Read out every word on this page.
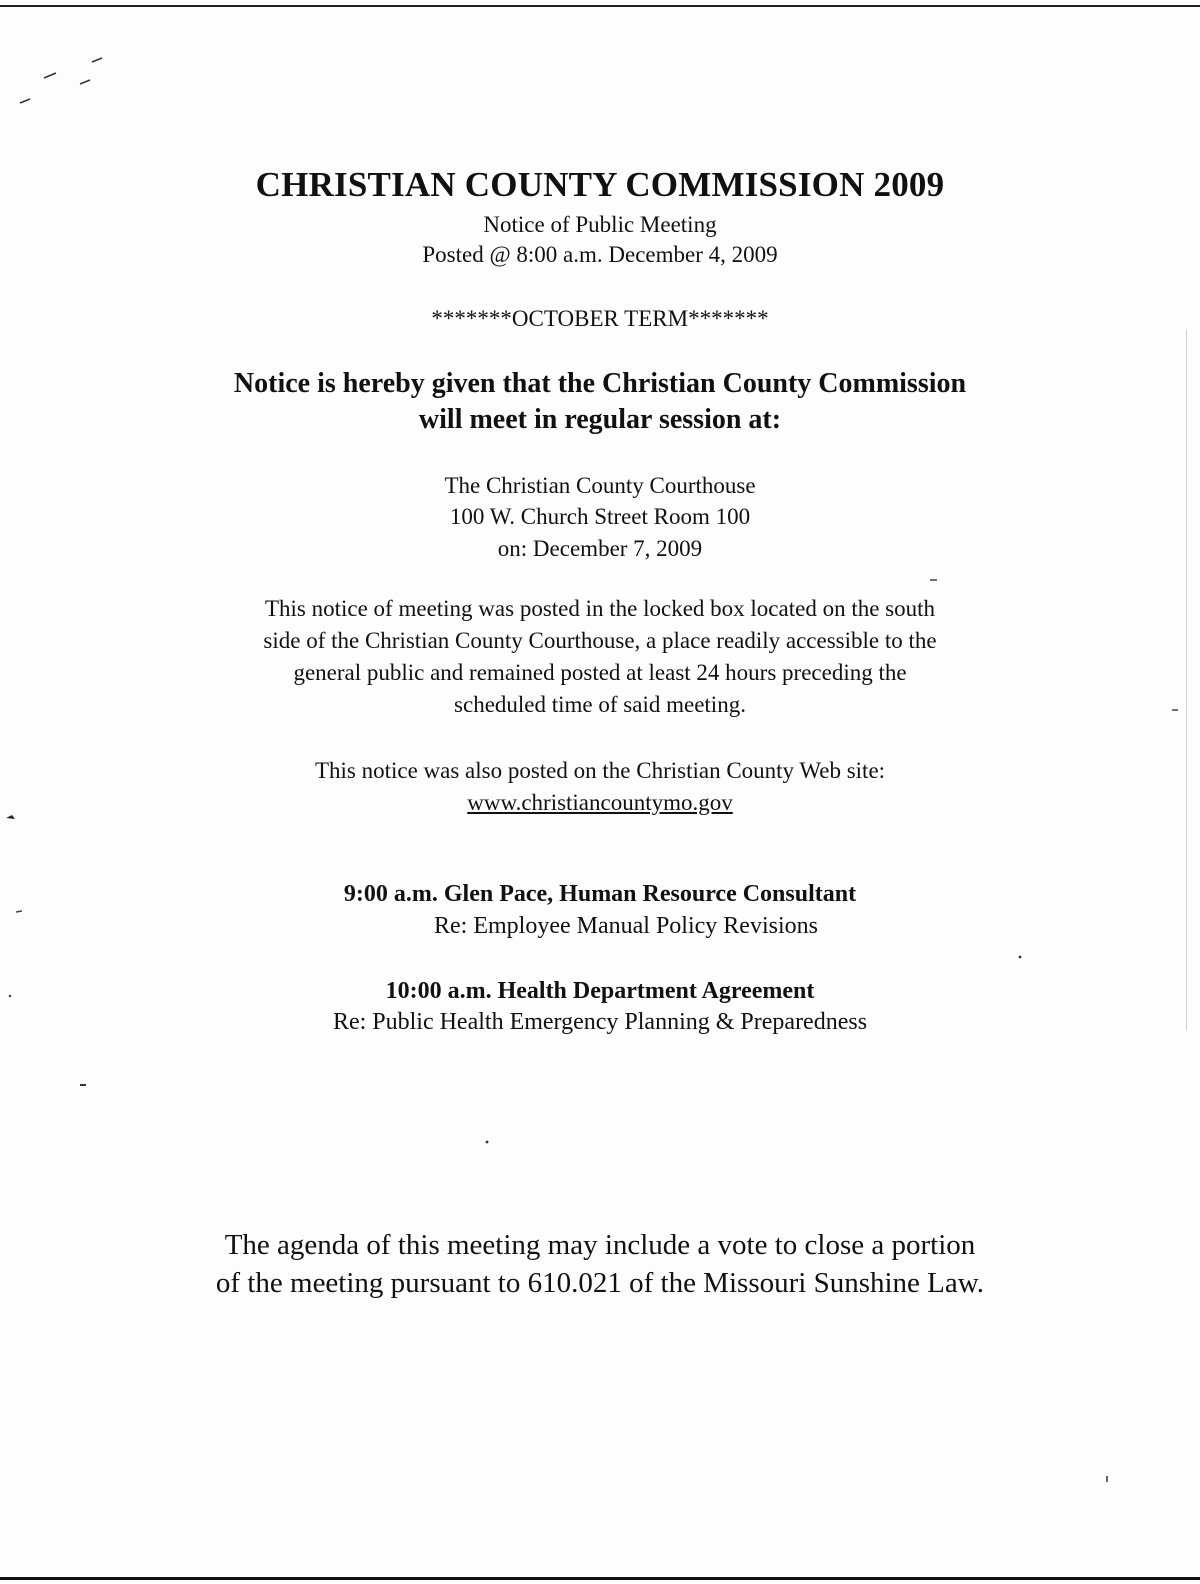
CHRISTIAN COUNTY COMMISSION 2009
Notice of Public Meeting
Posted @ 8:00 a.m. December 4, 2009
*******OCTOBER TERM*******
Notice is hereby given that the Christian County Commission
will meet in regular session at:
The Christian County Courthouse
100 W. Church Street Room 100
on: December 7, 2009
This notice of meeting was posted in the locked box located on the south
side of the Christian County Courthouse, a place readily accessible to the
general public and remained posted at least 24 hours preceding the
scheduled time of said meeting.
This notice was also posted on the Christian County Web site:
www.christiancountymo.gov
9:00 a.m. Glen Pace, Human Resource Consultant
Re: Employee Manual Policy Revisions
10:00 a.m. Health Department Agreement
Re: Public Health Emergency Planning & Preparedness
The agenda of this meeting may include a vote to close a portion
of the meeting pursuant to 610.021 of the Missouri Sunshine Law.
